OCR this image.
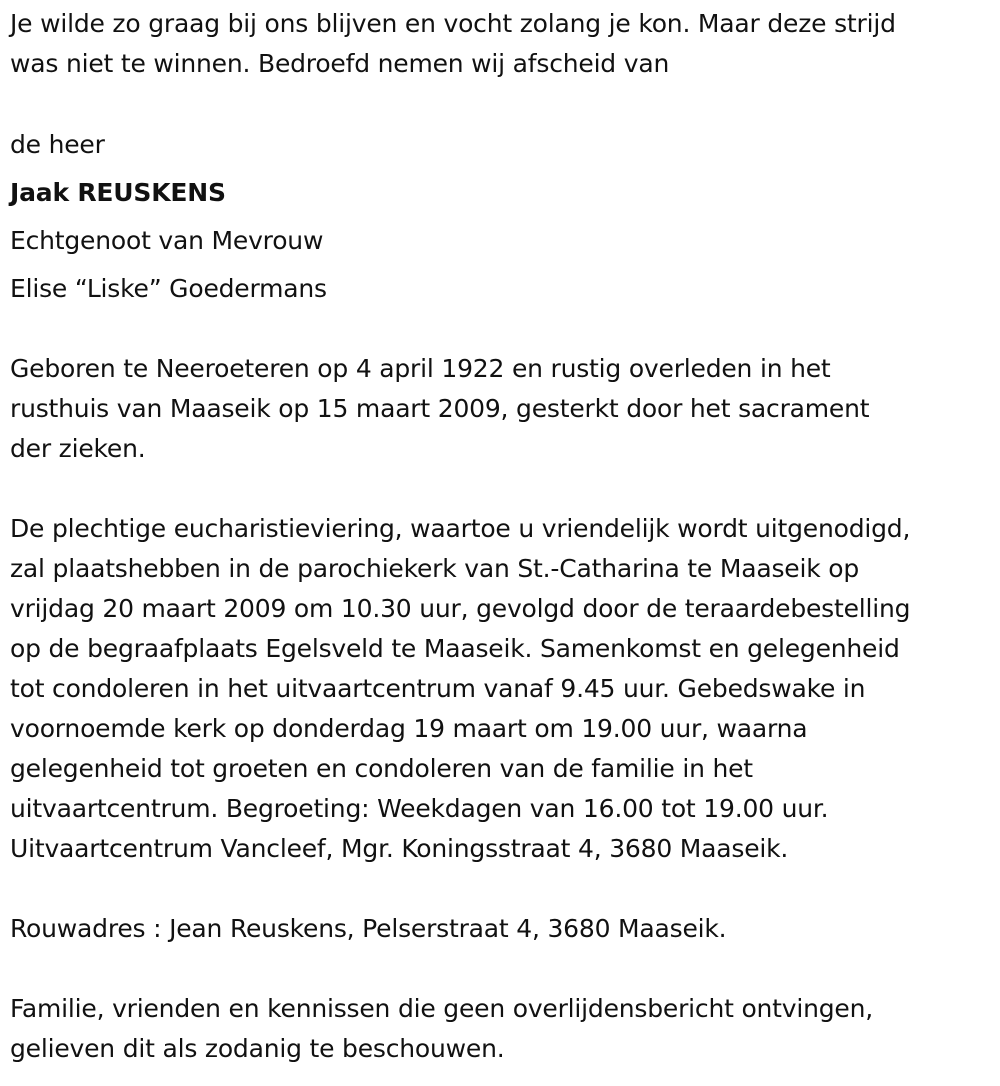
Je wilde zo graag bij ons blijven en vocht zolang je kon. Maar deze strijd
was niet te winnen. Bedroefd nemen wij afscheid van

de heer

Jaak REUSKENS

Echtgenoot van Mevrouw

Elise “Liske” Goedermans

Geboren te Neeroeteren op 4 april 1922 en rustig overleden in het
rusthuis van Maaseik op 15 maart 2009, gesterkt door het sacrament
der zieken.

De plechtige eucharistieviering, waartoe u vriendelijk wordt uitgenodigd,
zal plaatshebben in de parochiekerk van St.-Catharina te Maaseik op
vrijdag 20 maart 2009 om 10.30 uur, gevolgd door de teraardebestelling
op de begraafplaats Egelsveld te Maaseik. Samenkomst en gelegenheid
tot condoleren in het uitvaartcentrum vanaf 9.45 uur. Gebedswake in
voornoemde kerk op donderdag 19 maart om 19.00 uur, waarna
gelegenheid tot groeten en condoleren van de familie in het
uitvaartcentrum. Begroeting: Weekdagen van 16.00 tot 19.00 uur.
Uitvaartcentrum Vancleef, Mgr. Koningsstraat 4, 3680 Maaseik.

Rouwadres : Jean Reuskens, Pelserstraat 4, 3680 Maaseik.

Familie, vrienden en kennissen die geen overlijdensbericht ontvingen,
gelieven dit als zodanig te beschouwen.
